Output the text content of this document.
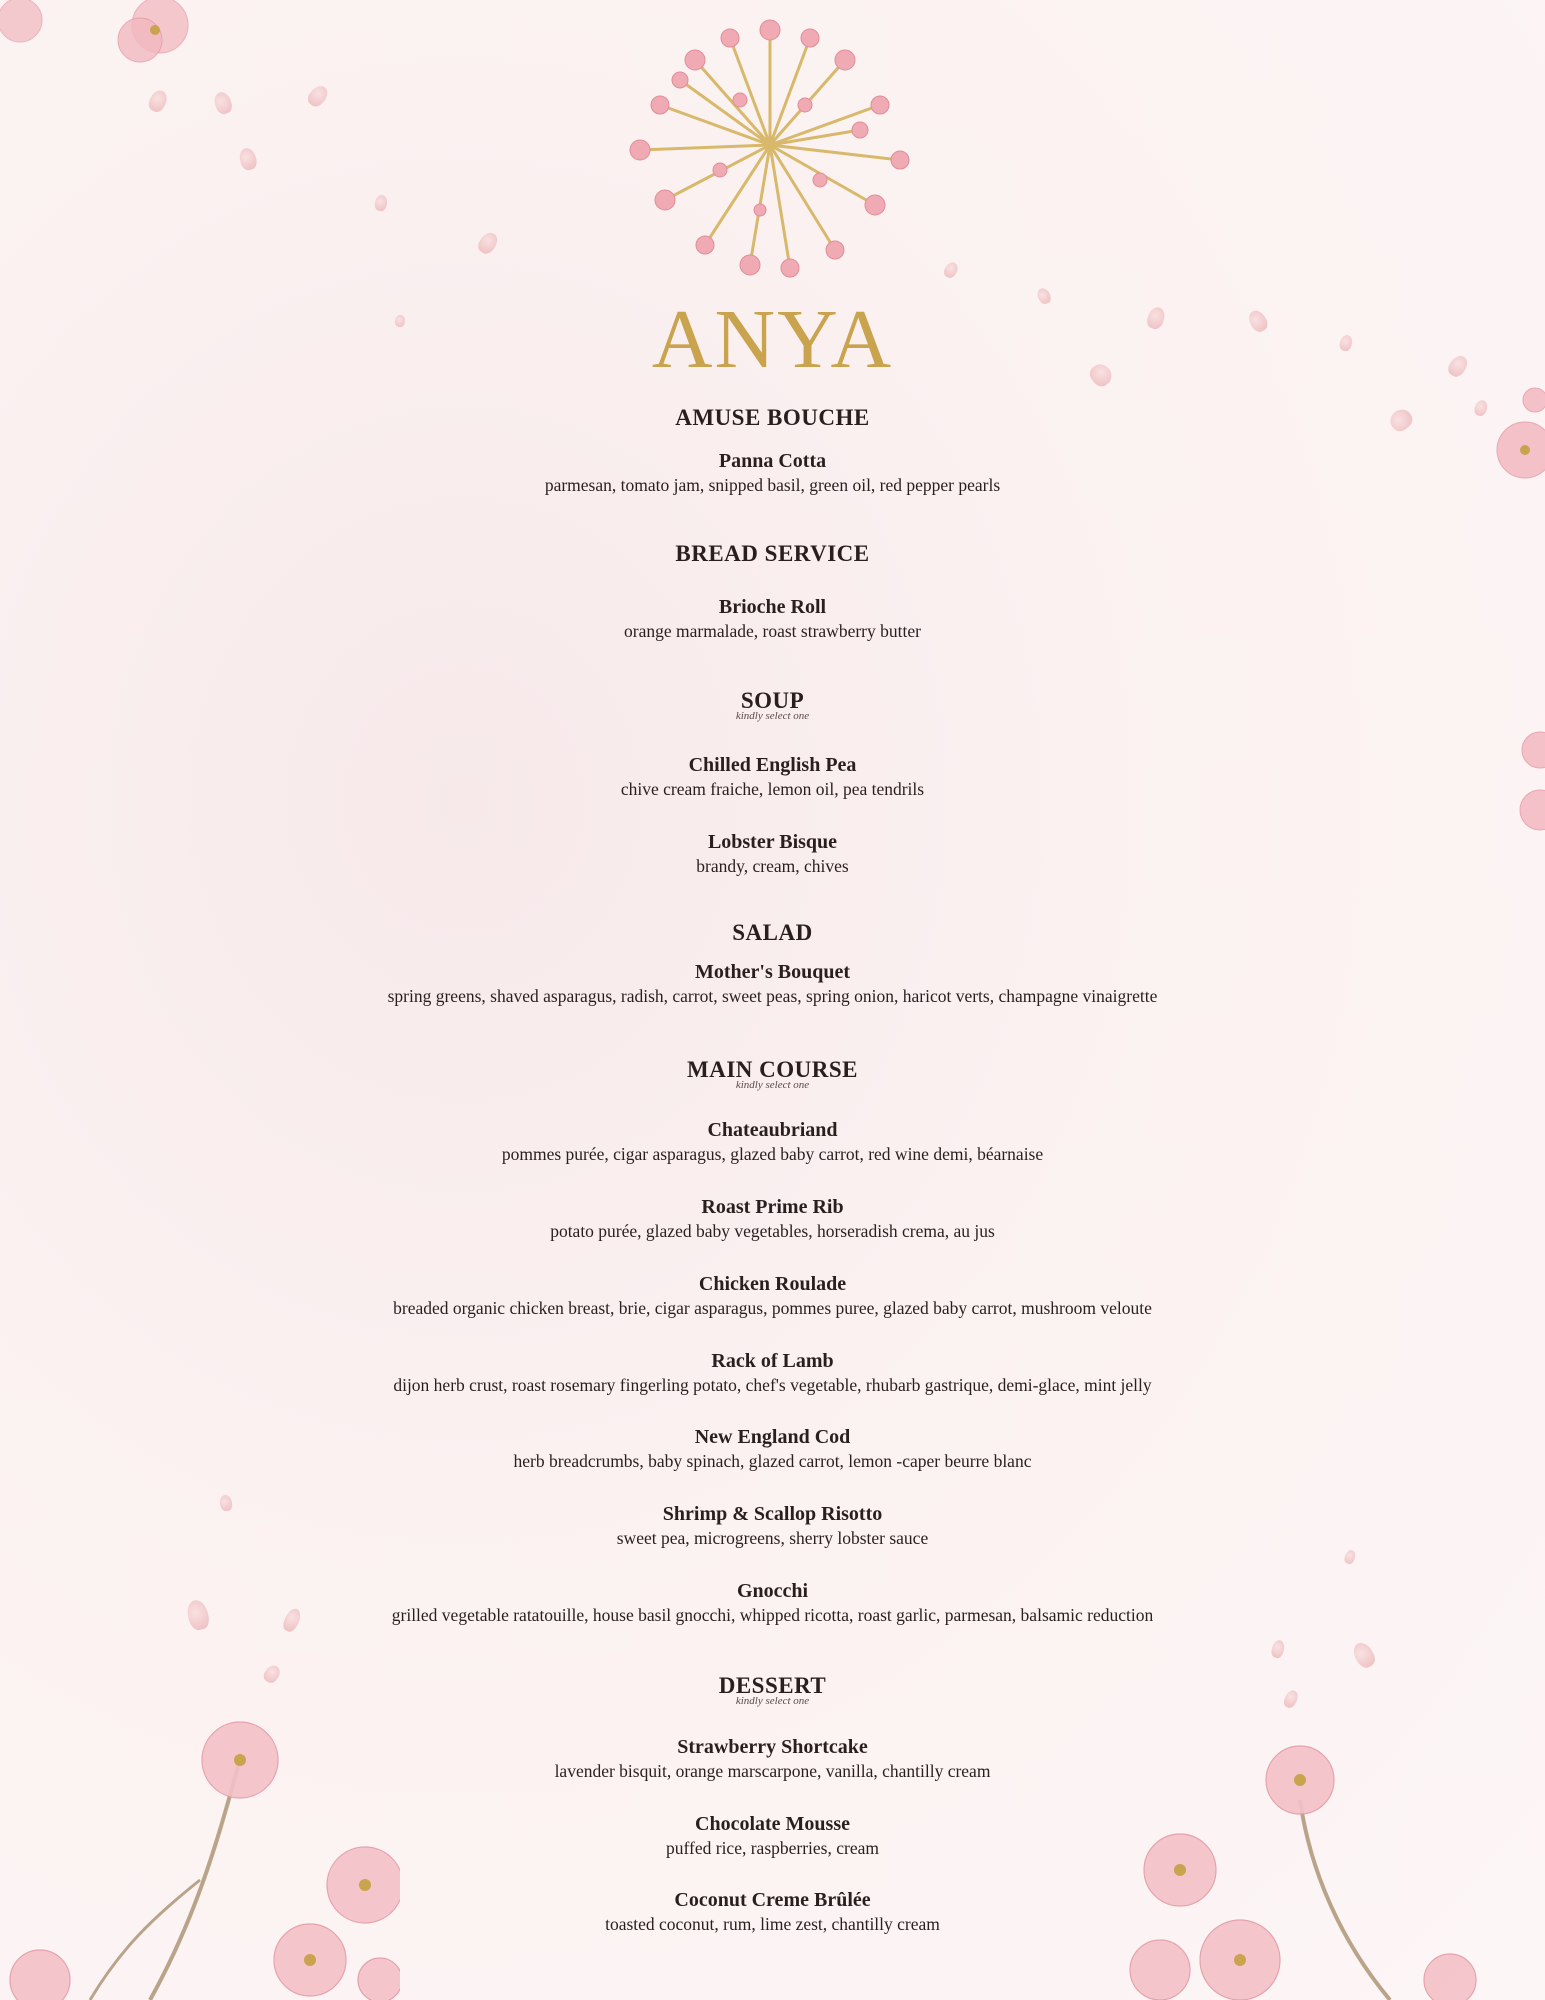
ANYA
AMUSE BOUCHE
Panna Cotta
parmesan, tomato jam, snipped basil, green oil, red pepper pearls
BREAD SERVICE
Brioche Roll
orange marmalade, roast strawberry butter
SOUP
kindly select one
Chilled English Pea
chive cream fraiche, lemon oil, pea tendrils
Lobster Bisque
brandy, cream, chives
SALAD
Mother's Bouquet
spring greens, shaved asparagus, radish, carrot, sweet peas, spring onion, haricot verts, champagne vinaigrette
MAIN COURSE
kindly select one
Chateaubriand
pommes purée, cigar asparagus, glazed baby carrot, red wine demi, béarnaise
Roast Prime Rib
potato purée, glazed baby vegetables, horseradish crema, au jus
Chicken Roulade
breaded organic chicken breast, brie, cigar asparagus, pommes puree, glazed baby carrot, mushroom veloute
Rack of Lamb
dijon herb crust, roast rosemary fingerling potato, chef's vegetable, rhubarb gastrique, demi-glace, mint jelly
New England Cod
herb breadcrumbs, baby spinach, glazed carrot, lemon -caper beurre blanc
Shrimp & Scallop Risotto
sweet pea, microgreens, sherry lobster sauce
Gnocchi
grilled vegetable ratatouille, house basil gnocchi, whipped ricotta, roast garlic, parmesan, balsamic reduction
DESSERT
kindly select one
Strawberry Shortcake
lavender bisquit, orange marscarpone, vanilla, chantilly cream
Chocolate Mousse
puffed rice, raspberries, cream
Coconut Creme Brûlée
toasted coconut, rum, lime zest, chantilly cream
